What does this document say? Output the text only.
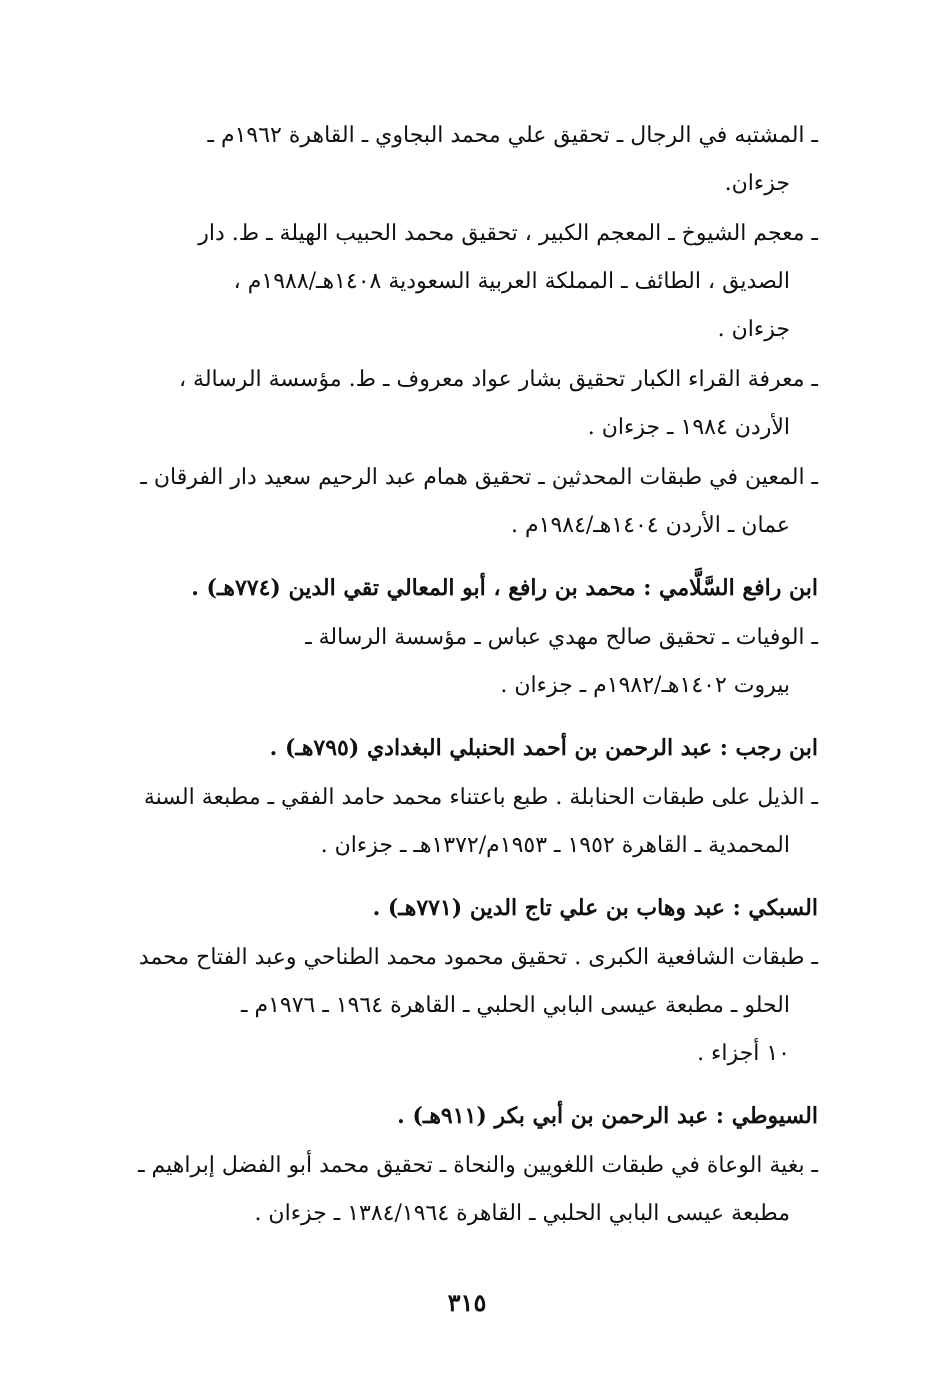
ـ المشتبه في الرجال ـ تحقيق علي محمد البجاوي ـ القاهرة ١٩٦٢م ـ

جزءان.

ـ معجم الشيوخ ـ المعجم الكبير ، تحقيق محمد الحبيب الهيلة ـ ط. دار

الصديق ، الطائف ـ المملكة العربية السعودية ١٤٠٨هـ/١٩٨٨م ،

جزءان .

ـ معرفة القراء الكبار تحقيق بشار عواد معروف ـ ط. مؤسسة الرسالة ،

الأردن ١٩٨٤ ـ جزءان .

ـ المعين في طبقات المحدثين ـ تحقيق همام عبد الرحيم سعيد دار الفرقان ـ

عمان ـ الأردن ١٤٠٤هـ/١٩٨٤م .

ابن رافع السَّلَّامي : محمد بن رافع ، أبو المعالي تقي الدين (٧٧٤هـ) .

ـ الوفيات ـ تحقيق صالح مهدي عباس ـ مؤسسة الرسالة ـ

بيروت ١٤٠٢هـ/١٩٨٢م ـ جزءان .

ابن رجب : عبد الرحمن بن أحمد الحنبلي البغدادي (٧٩٥هـ) .

ـ الذيل على طبقات الحنابلة . طبع باعتناء محمد حامد الفقي ـ مطبعة السنة

المحمدية ـ القاهرة ١٩٥٢ ـ ١٩٥٣م/١٣٧٢هـ ـ جزءان .

السبكي : عبد وهاب بن علي تاج الدين (٧٧١هـ) .

ـ طبقات الشافعية الكبرى . تحقيق محمود محمد الطناحي وعبد الفتاح محمد

الحلو ـ مطبعة عيسى البابي الحلبي ـ القاهرة ١٩٦٤ ـ ١٩٧٦م ـ

١٠ أجزاء .

السيوطي : عبد الرحمن بن أبي بكر (٩١١هـ) .

ـ بغية الوعاة في طبقات اللغويين والنحاة ـ تحقيق محمد أبو الفضل إبراهيم ـ

مطبعة عيسى البابي الحلبي ـ القاهرة ١٣٨٤/١٩٦٤ ـ جزءان .

٣١٥
